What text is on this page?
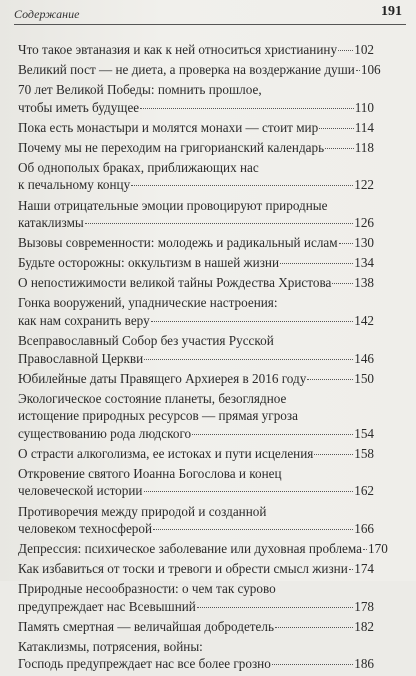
Содержание	191
Что такое эвтаназия и как к ней относиться христианину 102
Великий пост — не диета, а проверка на воздержание души 106
70 лет Великой Победы: помнить прошлое,
чтобы иметь будущее	110
Пока есть монастыри и молятся монахи — стоит мир	114
Почему мы не переходим на григорианский календарь 118
Об однополых браках, приближающих нас
к печальному концу	122
Наши отрицательные эмоции провоцируют природные
катаклизмы	126
Вызовы современности: молодежь и радикальный ислам 130
Будьте осторожны: оккультизм в нашей жизни	134
О непостижимости великой тайны Рождества Христова 138
Гонка вооружений, упаднические настроения:
как нам сохранить веру	142
Всеправославный Собор без участия Русской
Православной Церкви	146
Юбилейные даты Правящего Архиерея в 2016 году	150
Экологическое состояние планеты, безоглядное
истощение природных ресурсов — прямая угроза
существованию рода людского	154
О страсти алкоголизма, ее истоках и пути исцеления	158
Откровение святого Иоанна Богослова и конец
человеческой истории	162
Противоречия между природой и созданной
человеком техносферой	166
Депрессия: психическое заболевание или духовная проблема 170
Как избавиться от тоски и тревоги и обрести смысл жизни 174
Природные несообразности: о чем так сурово
предупреждает нас Всевышний	178
Память смертная — величайшая добродетель	182
Катаклизмы, потрясения, войны:
Господь предупреждает нас все более грозно	186
